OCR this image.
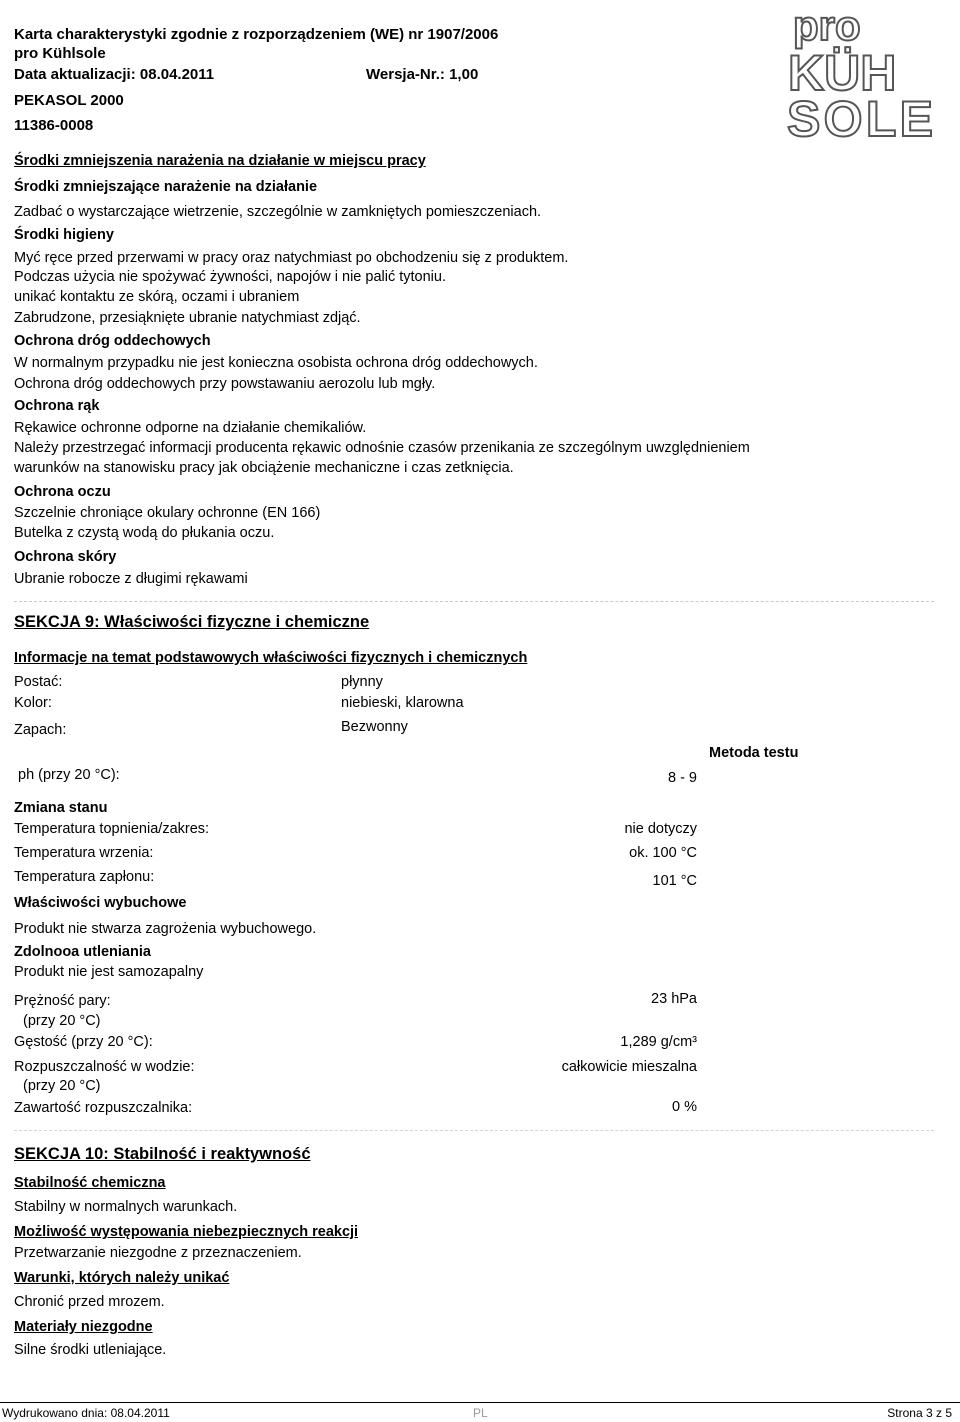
Karta charakterystyki zgodnie z rozporządzeniem (WE) nr 1907/2006
pro Kühlsole
Data aktualizacji: 08.04.2011	Wersja-Nr.: 1,00
PEKASOL 2000
11386-0008
pro
KÜH
SOLE
Środki zmniejszenia narażenia na działanie w miejscu pracy
Środki zmniejszające narażenie na działanie
Zadbać o wystarczające wietrzenie, szczególnie w zamkniętych pomieszczeniach.
Środki higieny
Myć ręce przed przerwami w pracy oraz natychmiast po obchodzeniu się z produktem.
Podczas użycia nie spożywać żywności, napojów i nie palić tytoniu.
unikać kontaktu ze skórą, oczami i ubraniem
Zabrudzone, przesiąknięte ubranie natychmiast zdjąć.
Ochrona dróg oddechowych
W normalnym przypadku nie jest konieczna osobista ochrona dróg oddechowych.
Ochrona dróg oddechowych przy powstawaniu aerozolu lub mgły.
Ochrona rąk
Rękawice ochronne odporne na działanie chemikaliów.
Należy przestrzegać informacji producenta rękawic odnośnie czasów przenikania ze szczególnym uwzględnieniem
warunków na stanowisku pracy jak obciążenie mechaniczne i czas zetknięcia.
Ochrona oczu
Szczelnie chroniące okulary ochronne (EN 166)
Butelka z czystą wodą do płukania oczu.
Ochrona skóry
Ubranie robocze z długimi rękawami
SEKCJA 9: Właściwości fizyczne i chemiczne
Informacje na temat podstawowych właściwości fizycznych i chemicznych
Postać:	płynny
Kolor:	niebieski, klarowna
Zapach:	Bezwonny
Metoda testu
ph (przy 20 °C):	8 - 9
Zmiana stanu
Temperatura topnienia/zakres:	nie dotyczy
Temperatura wrzenia:	ok. 100 °C
Temperatura zapłonu:	101 °C
Właściwości wybuchowe
Produkt nie stwarza zagrożenia wybuchowego.
Zdolnooa utleniania
Produkt nie jest samozapalny
Prężność pary:	23 hPa
(przy 20 °C)
Gęstość (przy 20 °C):	1,289 g/cm³
Rozpuszczalność w wodzie:	całkowicie mieszalna
(przy 20 °C)
Zawartość rozpuszczalnika:	0 %
SEKCJA 10: Stabilność i reaktywność
Stabilność chemiczna
Stabilny w normalnych warunkach.
Możliwość występowania niebezpiecznych reakcji
Przetwarzanie niezgodne z przeznaczeniem.
Warunki, których należy unikać
Chronić przed mrozem.
Materiały niezgodne
Silne środki utleniające.
Wydrukowano dnia: 08.04.2011	PL	Strona 3 z 5
